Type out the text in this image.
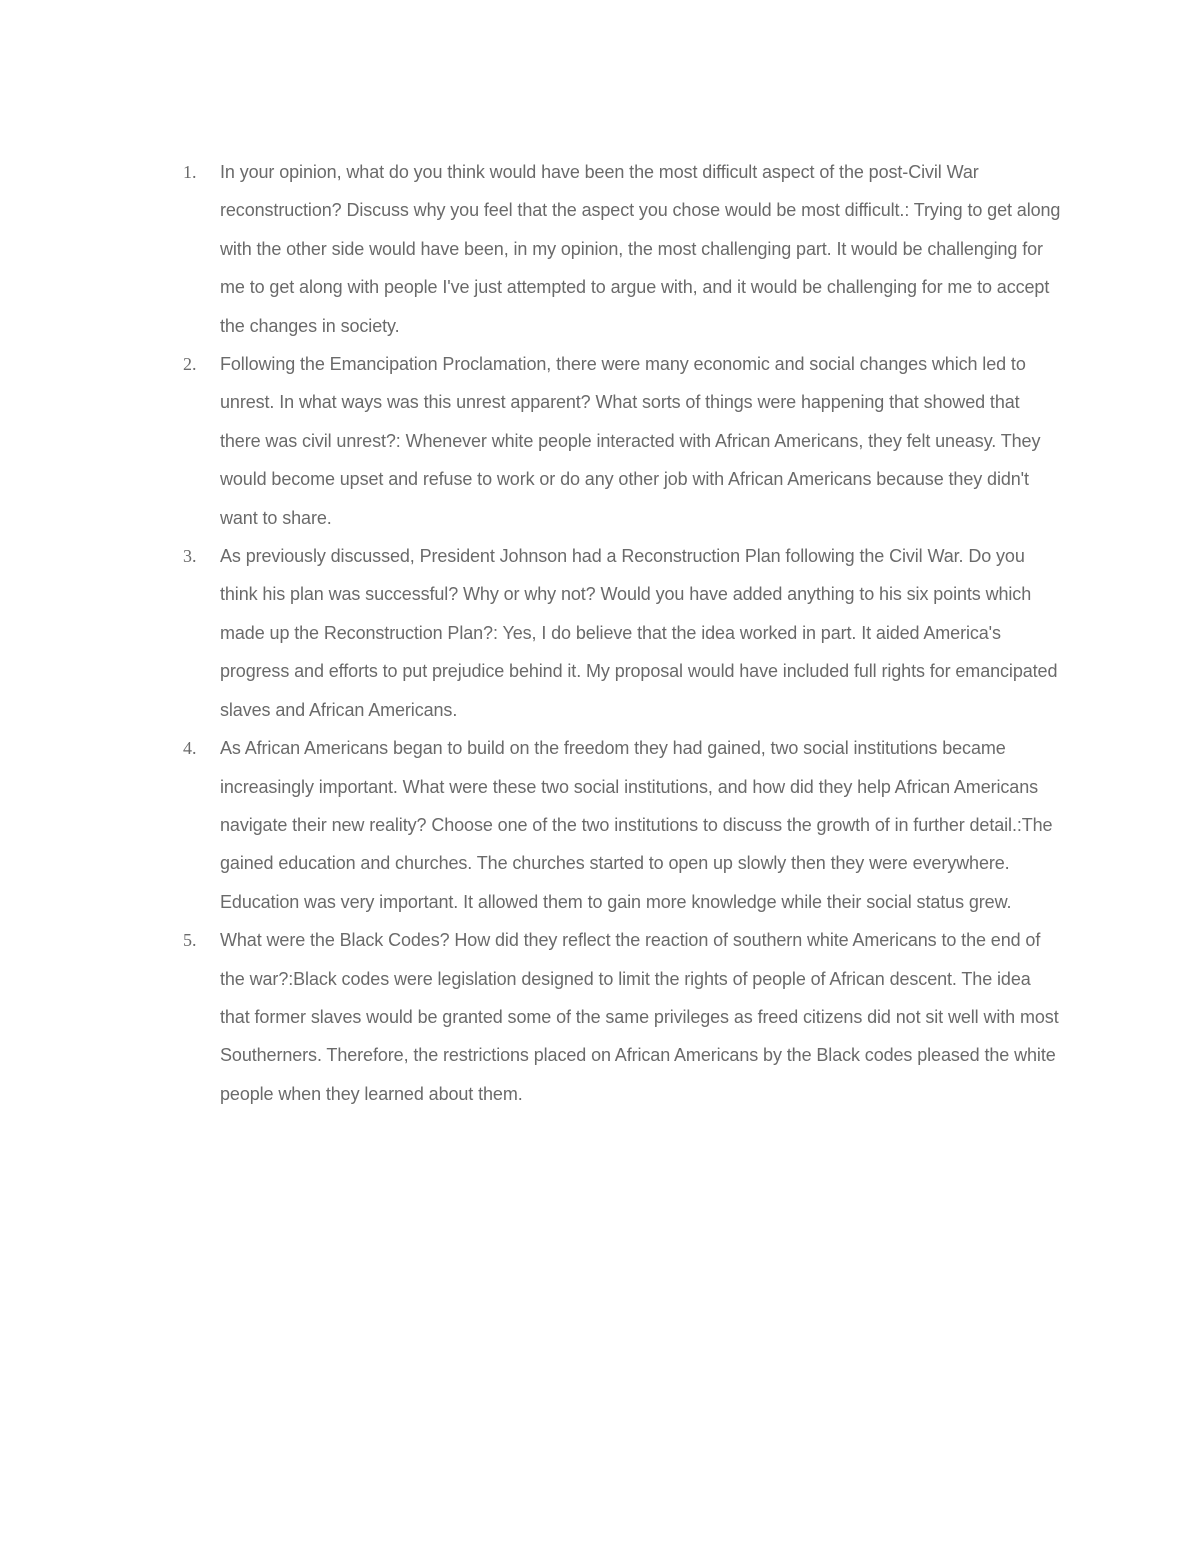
1. In your opinion, what do you think would have been the most difficult aspect of the post-Civil War reconstruction? Discuss why you feel that the aspect you chose would be most difficult.: Trying to get along with the other side would have been, in my opinion, the most challenging part. It would be challenging for me to get along with people I've just attempted to argue with, and it would be challenging for me to accept the changes in society.
2. Following the Emancipation Proclamation, there were many economic and social changes which led to unrest. In what ways was this unrest apparent? What sorts of things were happening that showed that there was civil unrest?: Whenever white people interacted with African Americans, they felt uneasy. They would become upset and refuse to work or do any other job with African Americans because they didn't want to share.
3. As previously discussed, President Johnson had a Reconstruction Plan following the Civil War. Do you think his plan was successful? Why or why not? Would you have added anything to his six points which made up the Reconstruction Plan?: Yes, I do believe that the idea worked in part. It aided America's progress and efforts to put prejudice behind it. My proposal would have included full rights for emancipated slaves and African Americans.
4. As African Americans began to build on the freedom they had gained, two social institutions became increasingly important. What were these two social institutions, and how did they help African Americans navigate their new reality? Choose one of the two institutions to discuss the growth of in further detail.:The gained education and churches. The churches started to open up slowly then they were everywhere. Education was very important. It allowed them to gain more knowledge while their social status grew.
5. What were the Black Codes? How did they reflect the reaction of southern white Americans to the end of the war?:Black codes were legislation designed to limit the rights of people of African descent. The idea that former slaves would be granted some of the same privileges as freed citizens did not sit well with most Southerners. Therefore, the restrictions placed on African Americans by the Black codes pleased the white people when they learned about them.
